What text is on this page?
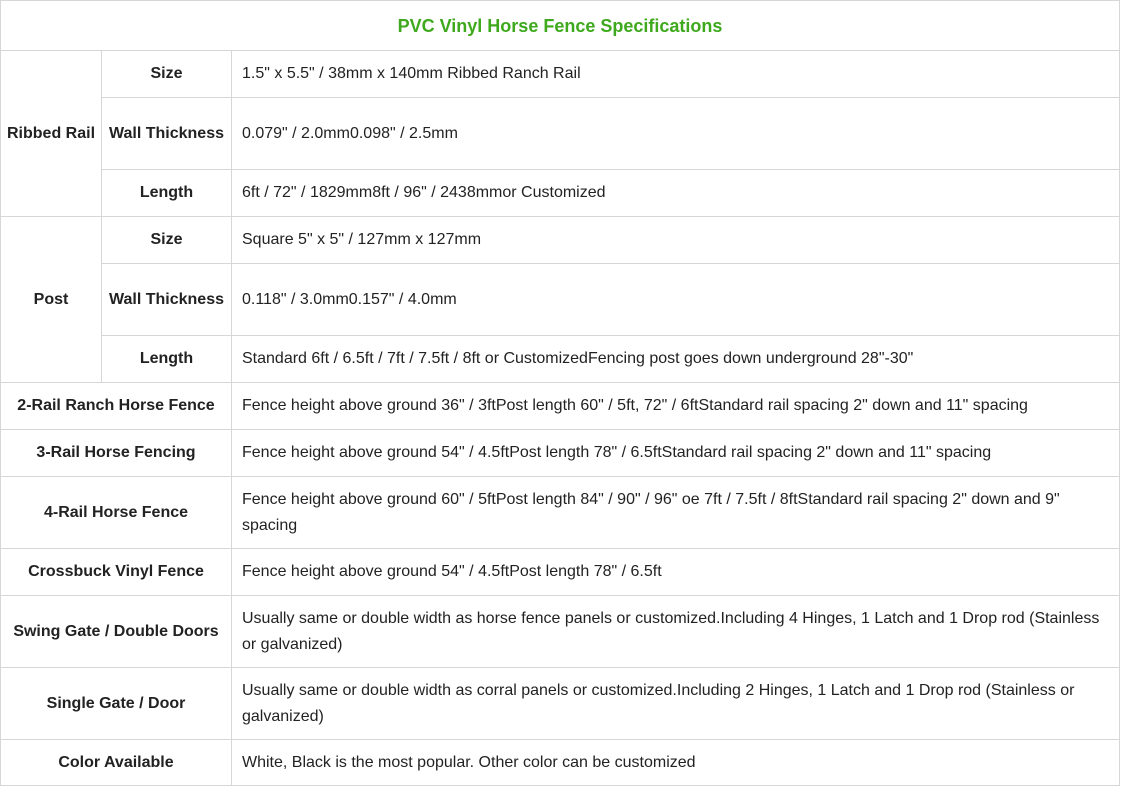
PVC Vinyl Horse Fence Specifications		
Ribbed Rail	Size	1.5" x 5.5" / 38mm x 140mm Ribbed Ranch Rail
	Wall Thickness	0.079" / 2.0mm0.098" / 2.5mm
	Length	6ft / 72" / 1829mm8ft / 96" / 2438mmor Customized
Post	Size	Square 5" x 5" / 127mm x 127mm
	Wall Thickness	0.118" / 3.0mm0.157" / 4.0mm
	Length	Standard 6ft / 6.5ft / 7ft / 7.5ft / 8ft or CustomizedFencing post goes down underground 28"-30"
2-Rail Ranch Horse Fence		Fence height above ground 36" / 3ftPost length 60" / 5ft, 72" / 6ftStandard rail spacing 2" down and 11" spacing
3-Rail Horse Fencing		Fence height above ground 54" / 4.5ftPost length 78" / 6.5ftStandard rail spacing 2" down and 11" spacing
4-Rail Horse Fence		Fence height above ground 60" / 5ftPost length 84" / 90" / 96" oe 7ft / 7.5ft / 8ftStandard rail spacing 2" down and 9" spacing
Crossbuck Vinyl Fence		Fence height above ground 54" / 4.5ftPost length 78" / 6.5ft
Swing Gate / Double Doors		Usually same or double width as horse fence panels or customized.Including 4 Hinges, 1 Latch and 1 Drop rod (Stainless or galvanized)
Single Gate / Door		Usually same or double width as corral panels or customized.Including 2 Hinges, 1 Latch and 1 Drop rod (Stainless or galvanized)
Color Available		White, Black is the most popular. Other color can be customized
